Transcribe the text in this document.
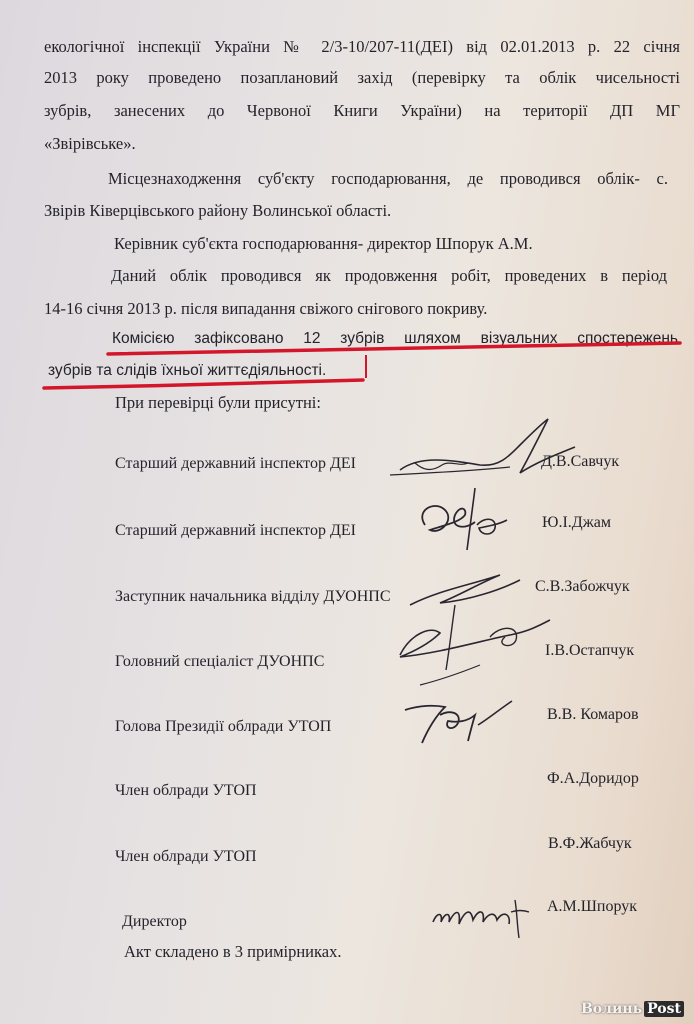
екологічної інспекції України № 2/3-10/207-11(ДЕІ) від 02.01.2013 р. 22 січня
2013 року проведено позаплановий захід (перевірку та облік чисельності
зубрів, занесених до Червоної Книги України) на території ДП МГ
«Звірівське».
Місцезнаходження суб'єкту господарювання, де проводився облік- с.
Звірів Ківерцівського району Волинської області.
Керівник суб'єкта господарювання- директор Шпорук А.М.
Даний облік проводився як продовження робіт, проведених в період
14-16 січня 2013 р. після випадання свіжого снігового покриву.
Комісією зафіксовано 12 зубрів шляхом візуальних спостережень
зубрів та слідів їхньої життєдіяльності.
При перевірці були присутні:
Старший державний інспектор ДЕІ	Д.В.Савчук
Старший державний інспектор ДЕІ	Ю.І.Джам
Заступник начальника відділу ДУОНПС
С.В.Забожчук
Головний спеціаліст ДУОНПС
І.В.Остапчук
Голова Президії облради УТОП
В.В. Комаров
Член облради УТОП
Ф.А.Доридор
Член облради УТОП
В.Ф.Жабчук
Директор
А.М.Шпорук
Акт складено в 3 примірниках.
Волинь Post
